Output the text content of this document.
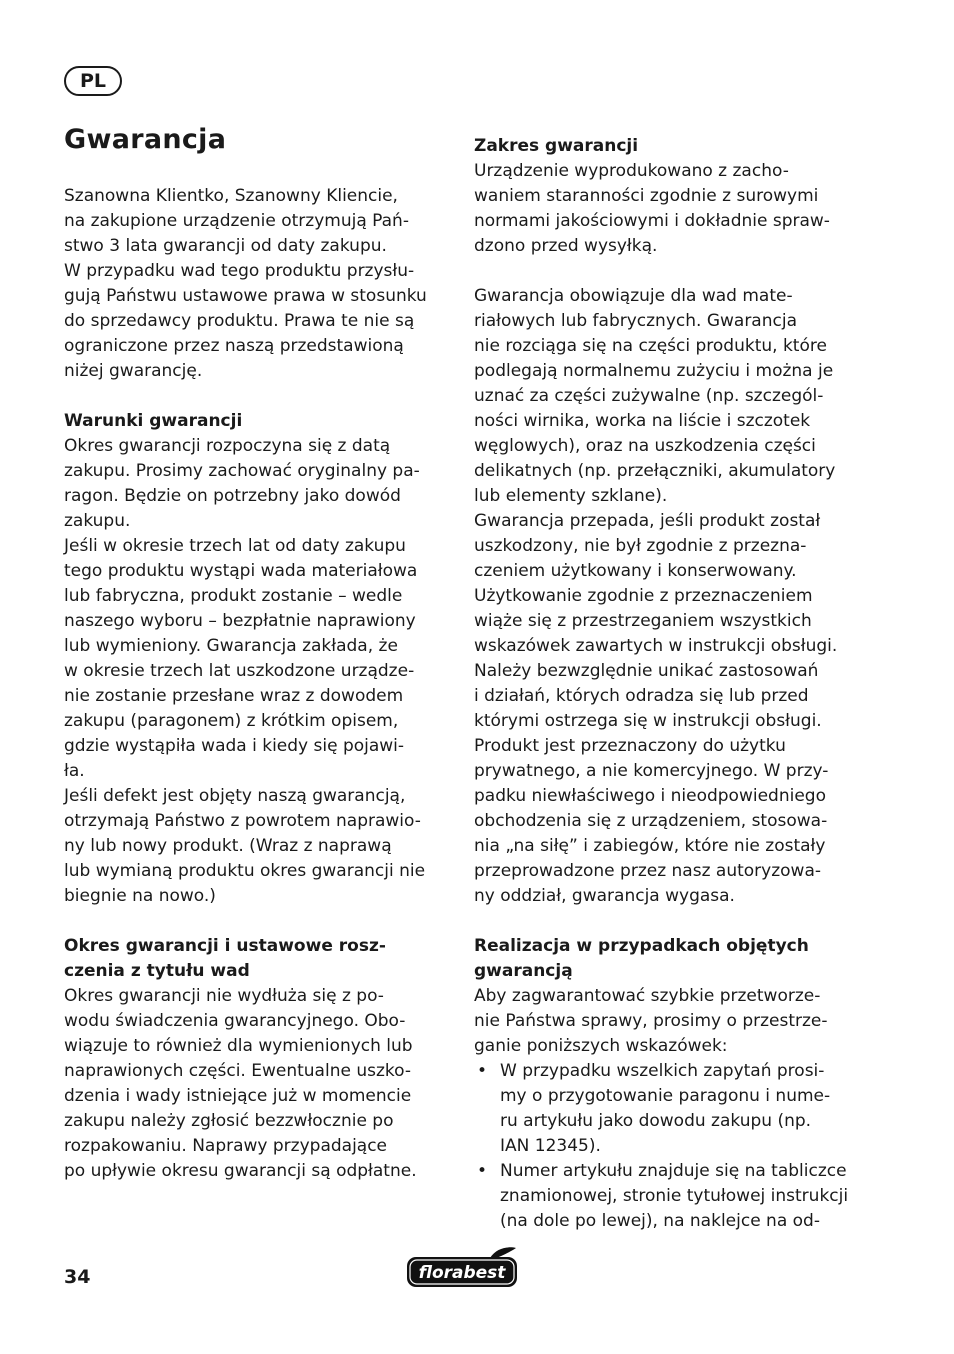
PL
Gwarancja
Szanowna Klientko, Szanowny Kliencie,
na zakupione urządzenie otrzymują Pań-
stwo 3 lata gwarancji od daty zakupu.
W przypadku wad tego produktu przysłu-
gują Państwu ustawowe prawa w stosunku
do sprzedawcy produktu. Prawa te nie są
ograniczone przez naszą przedstawioną
niżej gwarancję.
Warunki gwarancji
Okres gwarancji rozpoczyna się z datą
zakupu. Prosimy zachować oryginalny pa-
ragon. Będzie on potrzebny jako dowód
zakupu.
Jeśli w okresie trzech lat od daty zakupu
tego produktu wystąpi wada materiałowa
lub fabryczna, produkt zostanie – wedle
naszego wyboru – bezpłatnie naprawiony
lub wymieniony. Gwarancja zakłada, że
w okresie trzech lat uszkodzone urządze-
nie zostanie przesłane wraz z dowodem
zakupu (paragonem) z krótkim opisem,
gdzie wystąpiła wada i kiedy się pojawi-
ła.
Jeśli defekt jest objęty naszą gwarancją,
otrzymają Państwo z powrotem naprawio-
ny lub nowy produkt. (Wraz z naprawą
lub wymianą produktu okres gwarancji nie
biegnie na nowo.)
Okres gwarancji i ustawowe rosz-
czenia z tytułu wad
Okres gwarancji nie wydłuża się z po-
wodu świadczenia gwarancyjnego. Obo-
wiązuje to również dla wymienionych lub
naprawionych części. Ewentualne uszko-
dzenia i wady istniejące już w momencie
zakupu należy zgłosić bezzwłocznie po
rozpakowaniu. Naprawy przypadające
po upływie okresu gwarancji są odpłatne.
Zakres gwarancji
Urządzenie wyprodukowano z zacho-
waniem staranności zgodnie z surowymi
normami jakościowymi i dokładnie spraw-
dzono przed wysyłką.
Gwarancja obowiązuje dla wad mate-
riałowych lub fabrycznych. Gwarancja
nie rozciąga się na części produktu, które
podlegają normalnemu zużyciu i można je
uznać za części zużywalne (np. szczegól-
ności wirnika, worka na liście i szczotek
węglowych), oraz na uszkodzenia części
delikatnych (np. przełączniki, akumulatory
lub elementy szklane).
Gwarancja przepada, jeśli produkt został
uszkodzony, nie był zgodnie z przezna-
czeniem użytkowany i konserwowany.
Użytkowanie zgodnie z przeznaczeniem
wiąże się z przestrzeganiem wszystkich
wskazówek zawartych w instrukcji obsługi.
Należy bezwzględnie unikać zastosowań
i działań, których odradza się lub przed
którymi ostrzega się w instrukcji obsługi.
Produkt jest przeznaczony do użytku
prywatnego, a nie komercyjnego. W przy-
padku niewłaściwego i nieodpowiedniego
obchodzenia się z urządzeniem, stosowa-
nia „na siłę” i zabiegów, które nie zostały
przeprowadzone przez nasz autoryzowa-
ny oddział, gwarancja wygasa.
Realizacja w przypadkach objętych
gwarancją
Aby zagwarantować szybkie przetworze-
nie Państwa sprawy, prosimy o przestrze-
ganie poniższych wskazówek:
• W przypadku wszelkich zapytań prosi-
my o przygotowanie paragonu i nume-
ru artykułu jako dowodu zakupu (np.
IAN 12345).
• Numer artykułu znajduje się na tabliczce
znamionowej, stronie tytułowej instrukcji
(na dole po lewej), na naklejce na od-
34	florabest
